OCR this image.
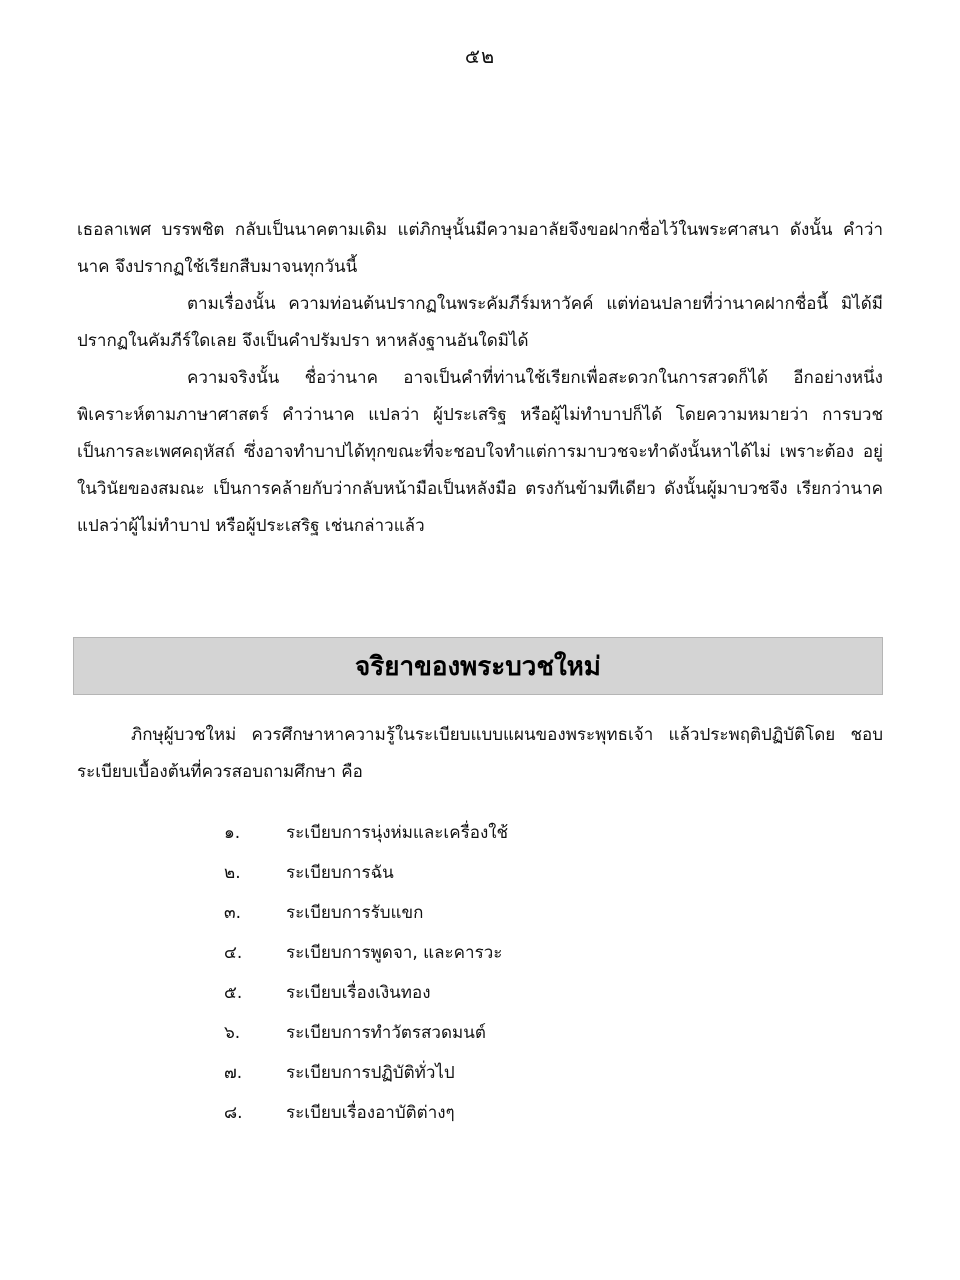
๕๒

เธอลาเพศ บรรพชิต กลับเป็นนาคตามเดิม แต่ภิกษุนั้นมีความอาลัยจึงขอฝากชื่อไว้ในพระศาสนา ดังนั้น คำว่า นาค จึงปรากฏใช้เรียกสืบมาจนทุกวันนี้

ตามเรื่องนั้น ความท่อนต้นปรากฏในพระคัมภีร์มหาวัคค์ แต่ท่อนปลายที่ว่านาคฝากชื่อนี้ มิได้มีปรากฏในคัมภีร์ใดเลย จึงเป็นคำปรัมปรา หาหลังฐานอันใดมิได้

ความจริงนั้น ชื่อว่านาค อาจเป็นคำที่ท่านใช้เรียกเพื่อสะดวกในการสวดก็ได้ อีกอย่างหนึ่ง พิเคราะห์ตามภาษาศาสตร์ คำว่านาค แปลว่า ผู้ประเสริฐ หรือผู้ไม่ทำบาปก็ได้ โดยความหมายว่า การบวช เป็นการละเพศคฤหัสถ์ ซึ่งอาจทำบาปได้ทุกขณะที่จะชอบใจทำแต่การมาบวชจะทำดังนั้นหาได้ไม่ เพราะต้อง อยู่ในวินัยของสมณะ เป็นการคล้ายกับว่ากลับหน้ามือเป็นหลังมือ ตรงกันข้ามทีเดียว ดังนั้นผู้มาบวชจึง เรียกว่านาค แปลว่าผู้ไม่ทำบาป หรือผู้ประเสริฐ เช่นกล่าวแล้ว

จริยาของพระบวชใหม่

ภิกษุผู้บวชใหม่ ควรศึกษาหาความรู้ในระเบียบแบบแผนของพระพุทธเจ้า แล้วประพฤติปฏิบัติโดย ชอบ ระเบียบเบื้องต้นที่ควรสอบถามศึกษา คือ

๑.	ระเบียบการนุ่งห่มและเครื่องใช้
๒.	ระเบียบการฉัน
๓.	ระเบียบการรับแขก
๔.	ระเบียบการพูดจา, และคารวะ
๕.	ระเบียบเรื่องเงินทอง
๖.	ระเบียบการทำวัตรสวดมนต์
๗.	ระเบียบการปฏิบัติทั่วไป
๘.	ระเบียบเรื่องอาบัติต่างๆ
